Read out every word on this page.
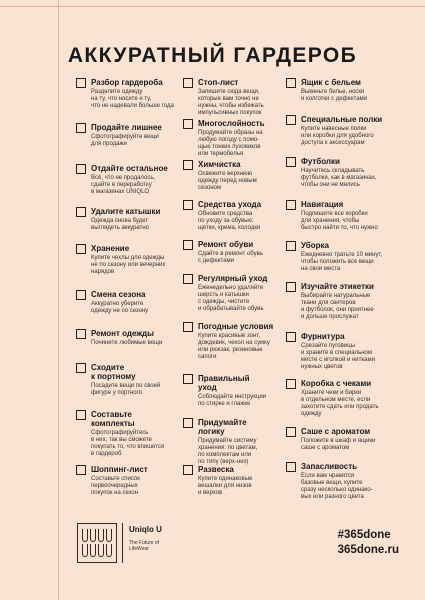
АККУРАТНЫЙ ГАРДЕРОБ
Разбор гардероба
Разделите одежду
на ту, что носите и ту,
что не надевали больше года
Продайте лишнее
Сфотографируйте вещи
для продажи
Отдайте остальное
Всё, что не продалось,
сдайте в переработку
в магазинах UNIQLO
Удалите катышки
Одежда снова будет
выглядеть аккуратно
Хранение
Купите чехлы для одежды
не по сезону или вечерних
нарядов
Смена сезона
Аккуратно уберите
одежду не по сезону
Ремонт одежды
Почините любимые вещи
Сходите
к портному
Посадите вещи по своей
фигуре у портного
Составьте
комплекты
Сфотографируйтесь
в них, так вы сможете
покупать то, что впишется
в гардероб
Шоппинг-лист
Составьте список
первоочередных
покупок на сезон
Стоп-лист
Запишите сюда вещи,
которые вам точно не
нужны, чтобы избежать
импульсивных покупок
Многослойность
Продумайте образы на
любую погоду с помо-
щью тонких пуховиков
или термобелья
Химчистка
Освежите верхнюю
одежду перед новым
сезоном
Средства ухода
Обновите средства
по уходу за обувью:
щетки, крема, колодки
Ремонт обуви
Сдайте в ремонт обувь
с дефектами
Регулярный уход
Еженедельно удаляйте
шерсть и катышки
с одежды, чистите
и обрабатывайте обувь
Погодные условия
Купите красивые зонт,
дождевик, чехол на сумку
или рюкзак, резиновые
сапоги
Правильный
уход
Соблюдайте инструкции
по стирке и глажке
Придумайте
логику
Придумайте систему
хранения: по цветам,
по комплектам или
по типу (верх-низ)
Развеска
Купите одинаковые
вешалки для низов
и верхов
Ящик с бельем
Выкиньте белье, носки
и колготки с дефектами
Специальные полки
Купите навесные полки
или коробки для удобного
доступа к аксессуарам
Футболки
Научитесь складывать
футболки, как в магазинах,
чтобы они не мялись
Навигация
Подпишите все коробки
для хранения, чтобы
быстро найти то, что нужно
Уборка
Ежедневно тратьте 10 минут,
чтобы положить все вещи
на свои места
Изучайте этикетки
Выбирайте натуральные
ткани для свитеров
и футболок, они приятнее
и дольше прослужат
Фурнитура
Срезайте пуговицы
и храните в специальном
месте с иголкой и нитками
нужных цветов
Коробка с чеками
Храните чеки и бирки
в отдельном месте, если
захотите сдать или продать
одежду
Саше с ароматом
Положите в шкаф и ящики
саше с ароматом
Запасливость
Если вам нравятся
базовые вещи, купите
сразу несколько одинако-
вых или разного цвета
Uniqlo U
The Future of
LifeWear
#365done
365done.ru
